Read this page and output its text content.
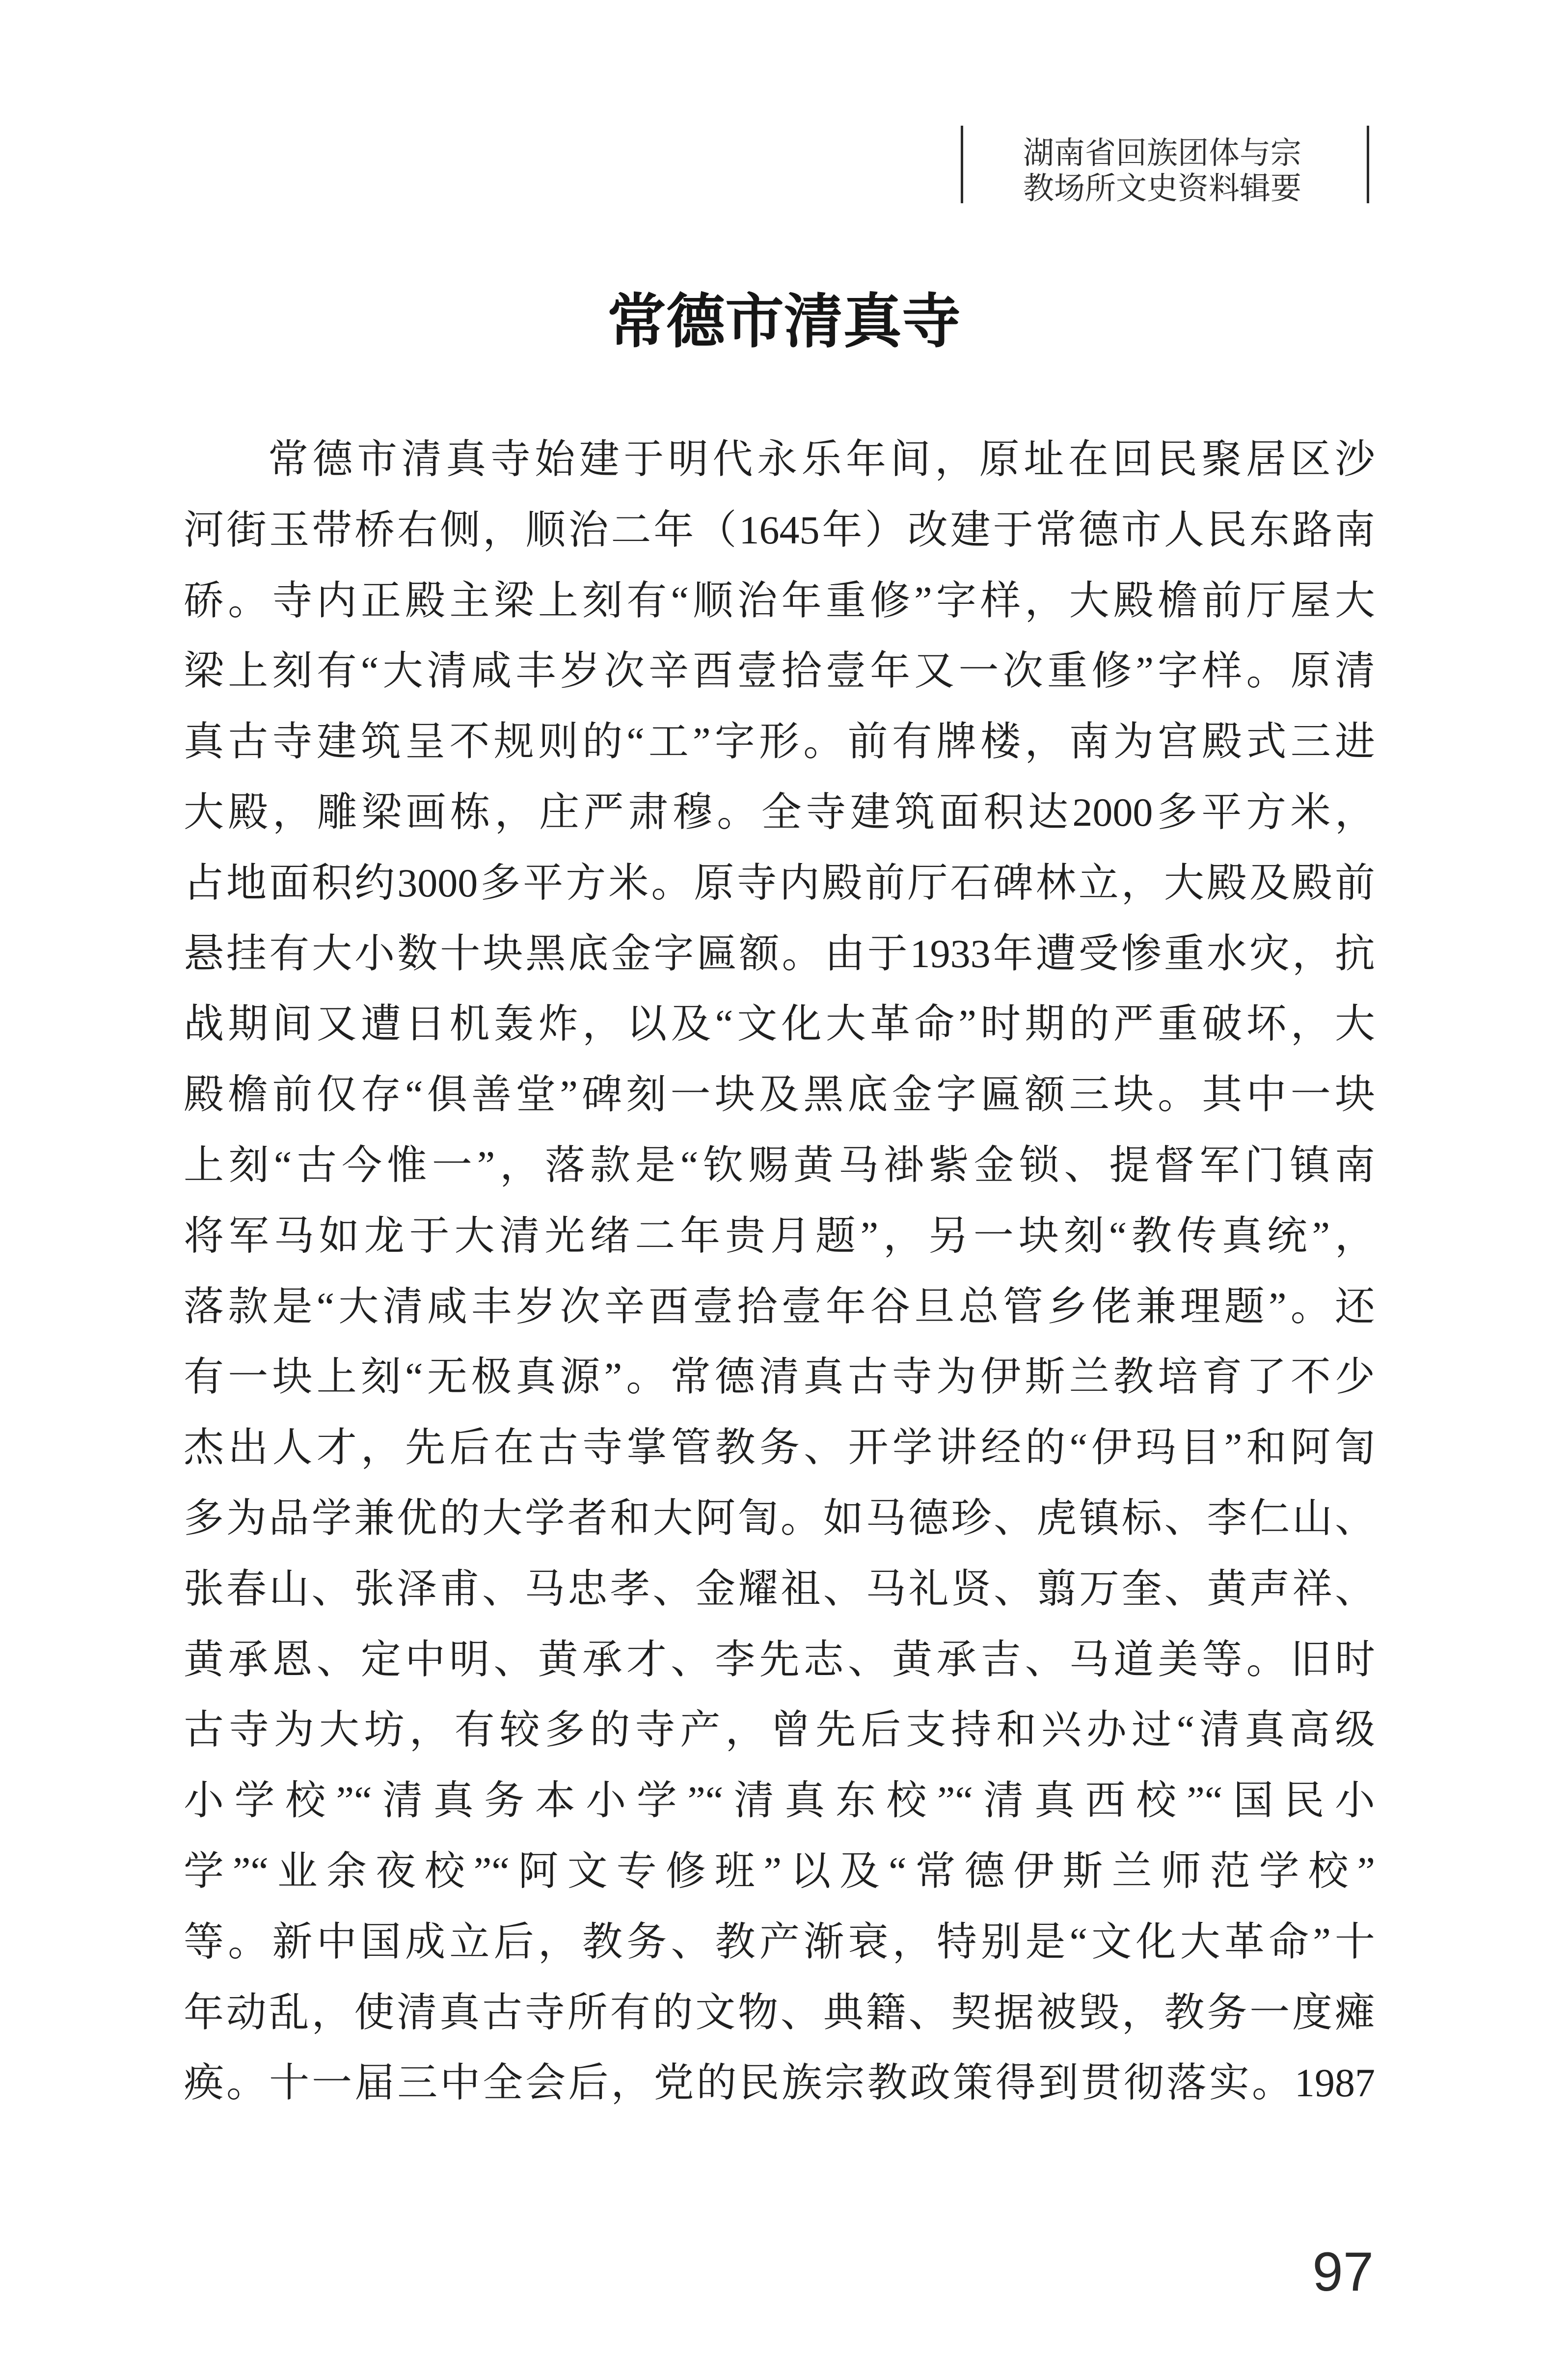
湖南省回族团体与宗
教场所文史资料辑要
常德市清真寺
常德市清真寺始建于明代永乐年间，原址在回民聚居区沙
河街玉带桥右侧，顺治二年（1645年）改建于常德市人民东路南
硚。寺内正殿主梁上刻有“顺治年重修”字样，大殿檐前厅屋大
梁上刻有“大清咸丰岁次辛酉壹拾壹年又一次重修”字样。原清
真古寺建筑呈不规则的“工”字形。前有牌楼，南为宫殿式三进
大殿，雕梁画栋，庄严肃穆。全寺建筑面积达2000多平方米，
占地面积约3000多平方米。原寺内殿前厅石碑林立，大殿及殿前
悬挂有大小数十块黑底金字匾额。由于1933年遭受惨重水灾，抗
战期间又遭日机轰炸，以及“文化大革命”时期的严重破坏，大
殿檐前仅存“俱善堂”碑刻一块及黑底金字匾额三块。其中一块
上刻“古今惟一”，落款是“钦赐黄马褂紫金锁、提督军门镇南
将军马如龙于大清光绪二年贵月题”，另一块刻“教传真统”，
落款是“大清咸丰岁次辛酉壹拾壹年谷旦总管乡佬兼理题”。还
有一块上刻“无极真源”。常德清真古寺为伊斯兰教培育了不少
杰出人才，先后在古寺掌管教务、开学讲经的“伊玛目”和阿訇
多为品学兼优的大学者和大阿訇。如马德珍、虎镇标、李仁山、
张春山、张泽甫、马忠孝、金耀祖、马礼贤、翦万奎、黄声祥、
黄承恩、定中明、黄承才、李先志、黄承吉、马道美等。旧时
古寺为大坊，有较多的寺产，曾先后支持和兴办过“清真高级
小学校”“清真务本小学”“清真东校”“清真西校”“国民小
学”“业余夜校”“阿文专修班”以及“常德伊斯兰师范学校”
等。新中国成立后，教务、教产渐衰，特别是“文化大革命”十
年动乱，使清真古寺所有的文物、典籍、契据被毁，教务一度瘫
痪。十一届三中全会后，党的民族宗教政策得到贯彻落实。1987
97
